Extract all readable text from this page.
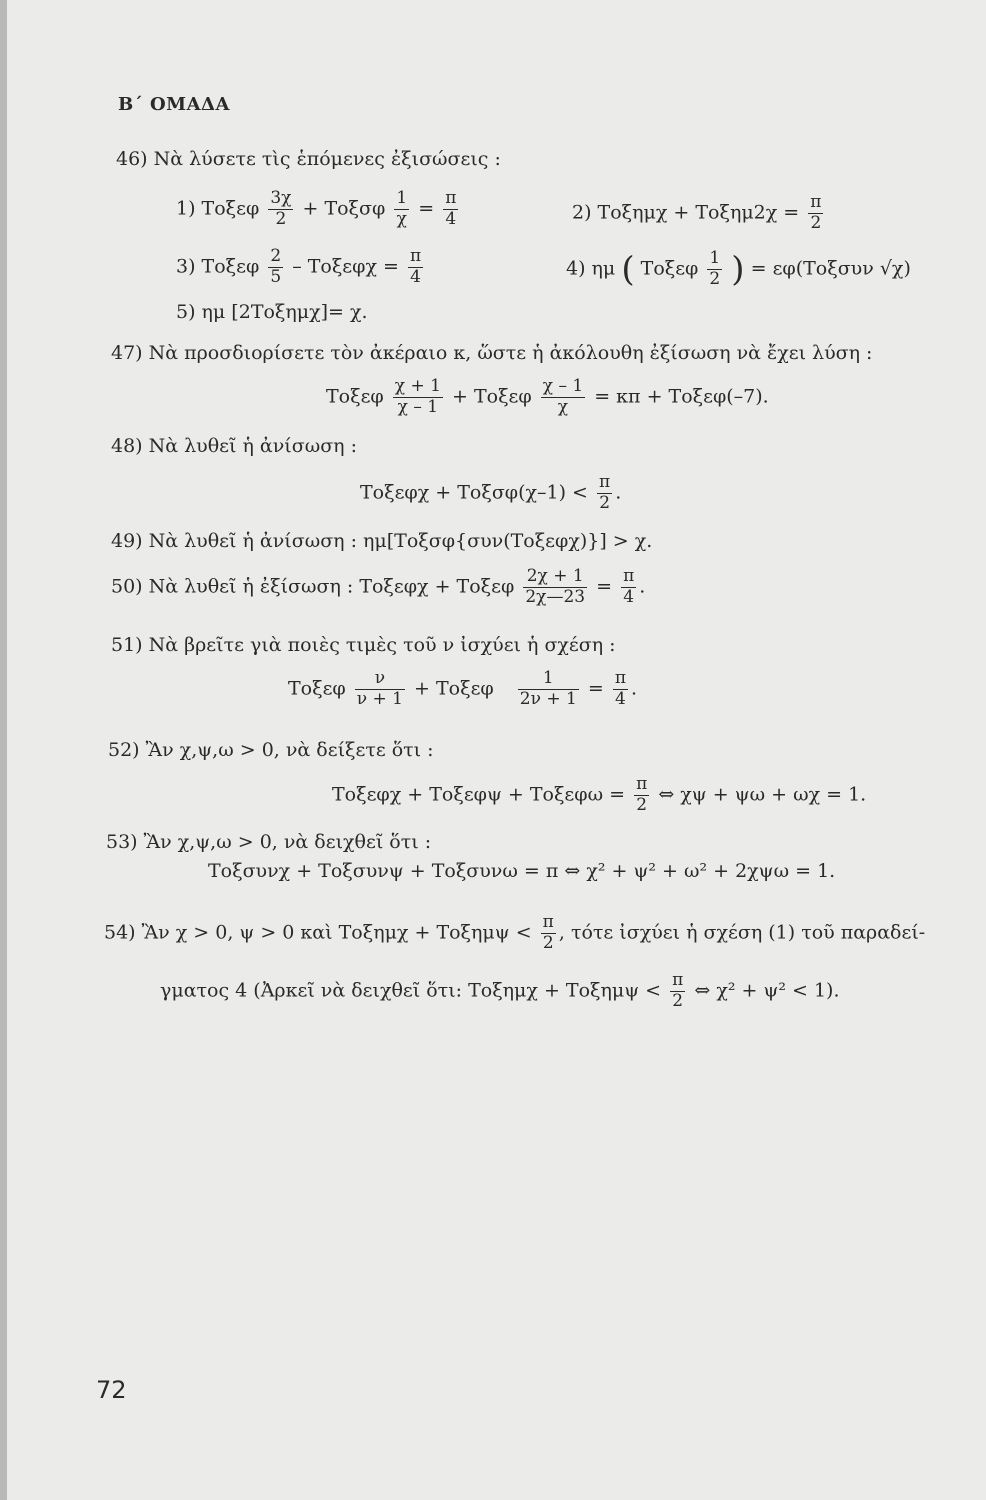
Β΄ ΟΜΑΔΑ
46) Νὰ λύσετε τὶς ἑπόμενες ἐξισώσεις :
1) Τοξεφ $\frac{3\chi}{2} + To\xi\sigma\varphi \frac{1}{\chi} = \frac{\pi}{4}$	2) $To\xi\eta\mu\chi + To\xi\eta\mu 2\chi = \frac{\pi}{2}$
3) Τοξεφ $\frac{2}{5} - To\xi\varepsilon\varphi\chi = \frac{\pi}{4}$	4) ημ ( Τοξεφ $\frac{1}{2}$ ) = εφ(Τοξσυν √χ)
5) ημ [2Τοξημχ]= χ.
47) Νὰ προσδιορίσετε τὸν ἀκέραιο κ, ὥστε ἡ ἀκόλουθη ἐξίσωση νὰ ἔχει λύση :
Τοξεφ $\frac{\chi + 1}{\chi - 1} + To\xi\varepsilon\varphi \frac{\chi - 1}{\chi} = \kappa\pi + To\xi\varepsilon\varphi(-7)$.
48) Νὰ λυθεῖ ἡ ἀνίσωση :
$To\xi\varepsilon\varphi\chi + To\xi\sigma\varphi(\chi-1) < \frac{\pi}{2}$ .
49) Νὰ λυθεῖ ἡ ἀνίσωση : ημ[Τοξσφ{συν(Τοξεφχ)}] > χ.
50) Νὰ λυθεῖ ἡ ἐξίσωση : Τοξεφχ + Τοξεφ $\frac{2\chi + 1}{2\chi—23} = \frac{\pi}{4}$ .
51) Νὰ βρεῖτε γιὰ ποιὲς τιμὲς τοῦ ν ἰσχύει ἡ σχέση :
Τοξεφ $\frac{\nu}{\nu + 1} + To\xi\varepsilon\varphi \frac{1}{2\nu + 1} = \frac{\pi}{4}$ .
52) Ἂν χ,ψ,ω > 0, νὰ δείξετε ὅτι :
$To\xi\varepsilon\varphi\chi + To\xi\varepsilon\varphi\psi + To\xi\varepsilon\varphi\omega = \frac{\pi}{2}$ ⇔ χψ + ψω + ωχ = 1.
53) Ἂν χ,ψ,ω > 0, νὰ δειχθεῖ ὅτι :
Τοξσυνχ + Τοξσυνψ + Τοξσυνω = π ⇔ χ² + ψ² + ω² + 2χψω = 1.
54) Ἂν χ > 0, ψ > 0 καὶ $To\xi\eta\mu\chi + To\xi\eta\mu\psi < \frac{\pi}{2}$ , τότε ἰσχύει ἡ σχέση (1) τοῦ παραδεί-
γματος 4 (Ἀρκεῖ νὰ δειχθεῖ ὅτι: $To\xi\eta\mu\chi + To\xi\eta\mu\psi < \frac{\pi}{2}$ ⇔ χ² + ψ² < 1).
72
